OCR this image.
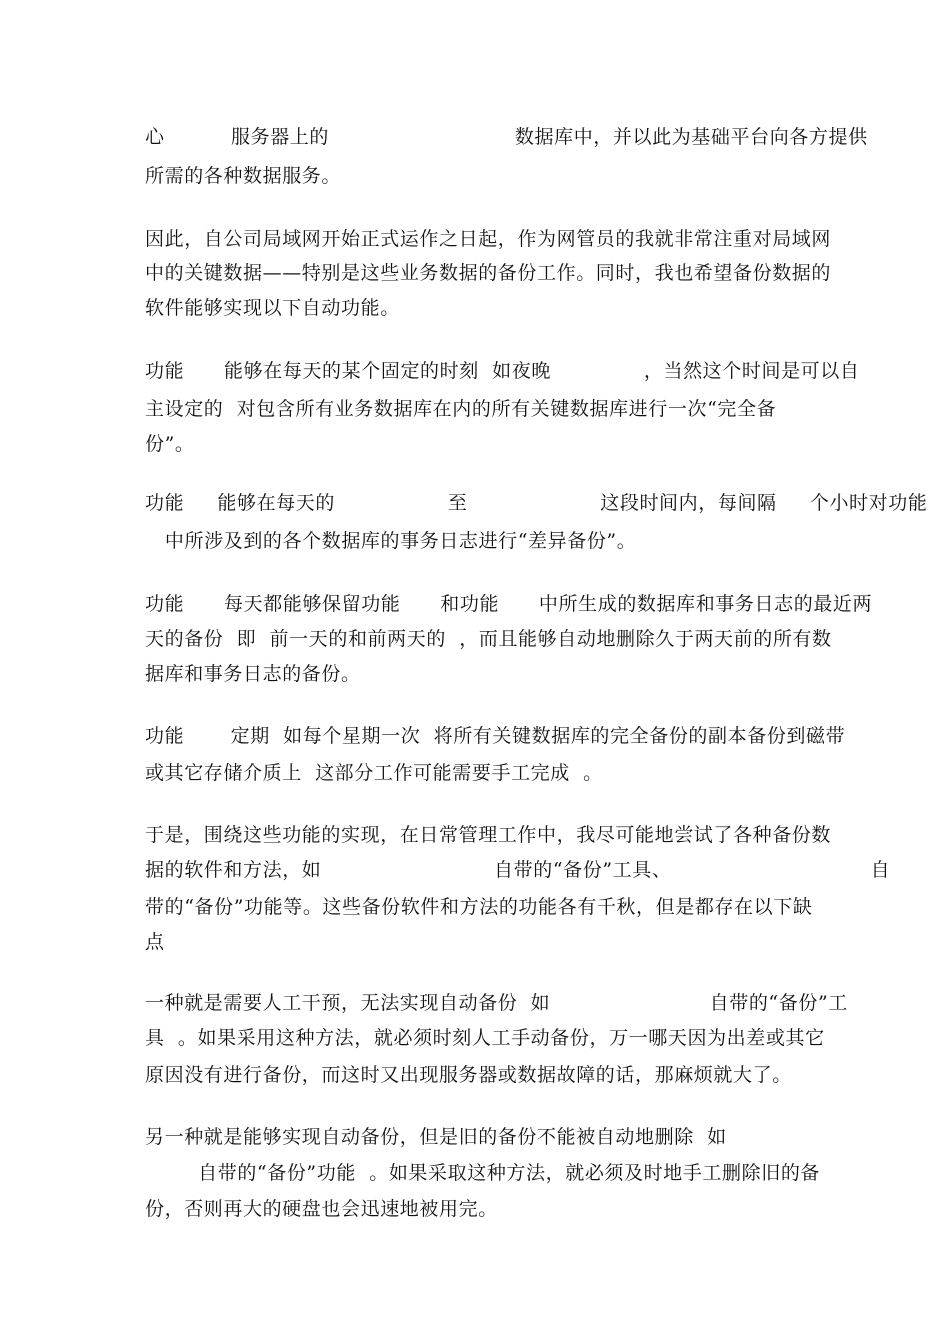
心          服务器上的                            数据库中，并以此为基础平台向各方提供
所需的各种数据服务。
因此，自公司局域网开始正式运作之日起，作为网管员的我就非常注重对局域网
中的关键数据——特别是这些业务数据的备份工作。同时，我也希望备份数据的
软件能够实现以下自动功能。
功能      能够在每天的某个固定的时刻  如夜晚              ，当然这个时间是可以自
主设定的  对包含所有业务数据库在内的所有关键数据库进行一次“完全备
份”。
功能     能够在每天的                 至                    这段时间内，每间隔     个小时对功能
中所涉及到的各个数据库的事务日志进行“差异备份”。
功能      每天都能够保留功能      和功能      中所生成的数据库和事务日志的最近两
天的备份  即  前一天的和前两天的  ，而且能够自动地删除久于两天前的所有数
据库和事务日志的备份。
功能       定期  如每个星期一次  将所有关键数据库的完全备份的副本备份到磁带
或其它存储介质上  这部分工作可能需要手工完成  。
于是，围绕这些功能的实现，在日常管理工作中，我尽可能地尝试了各种备份数
据的软件和方法，如                          自带的“备份”工具、                              自
带的“备份”功能等。这些备份软件和方法的功能各有千秋，但是都存在以下缺
点
一种就是需要人工干预，无法实现自动备份  如                        自带的“备份”工
具  。如果采用这种方法，就必须时刻人工手动备份，万一哪天因为出差或其它
原因没有进行备份，而这时又出现服务器或数据故障的话，那麻烦就大了。
另一种就是能够实现自动备份，但是旧的备份不能被自动地删除  如
自带的“备份”功能  。如果采取这种方法，就必须及时地手工删除旧的备
份，否则再大的硬盘也会迅速地被用完。
